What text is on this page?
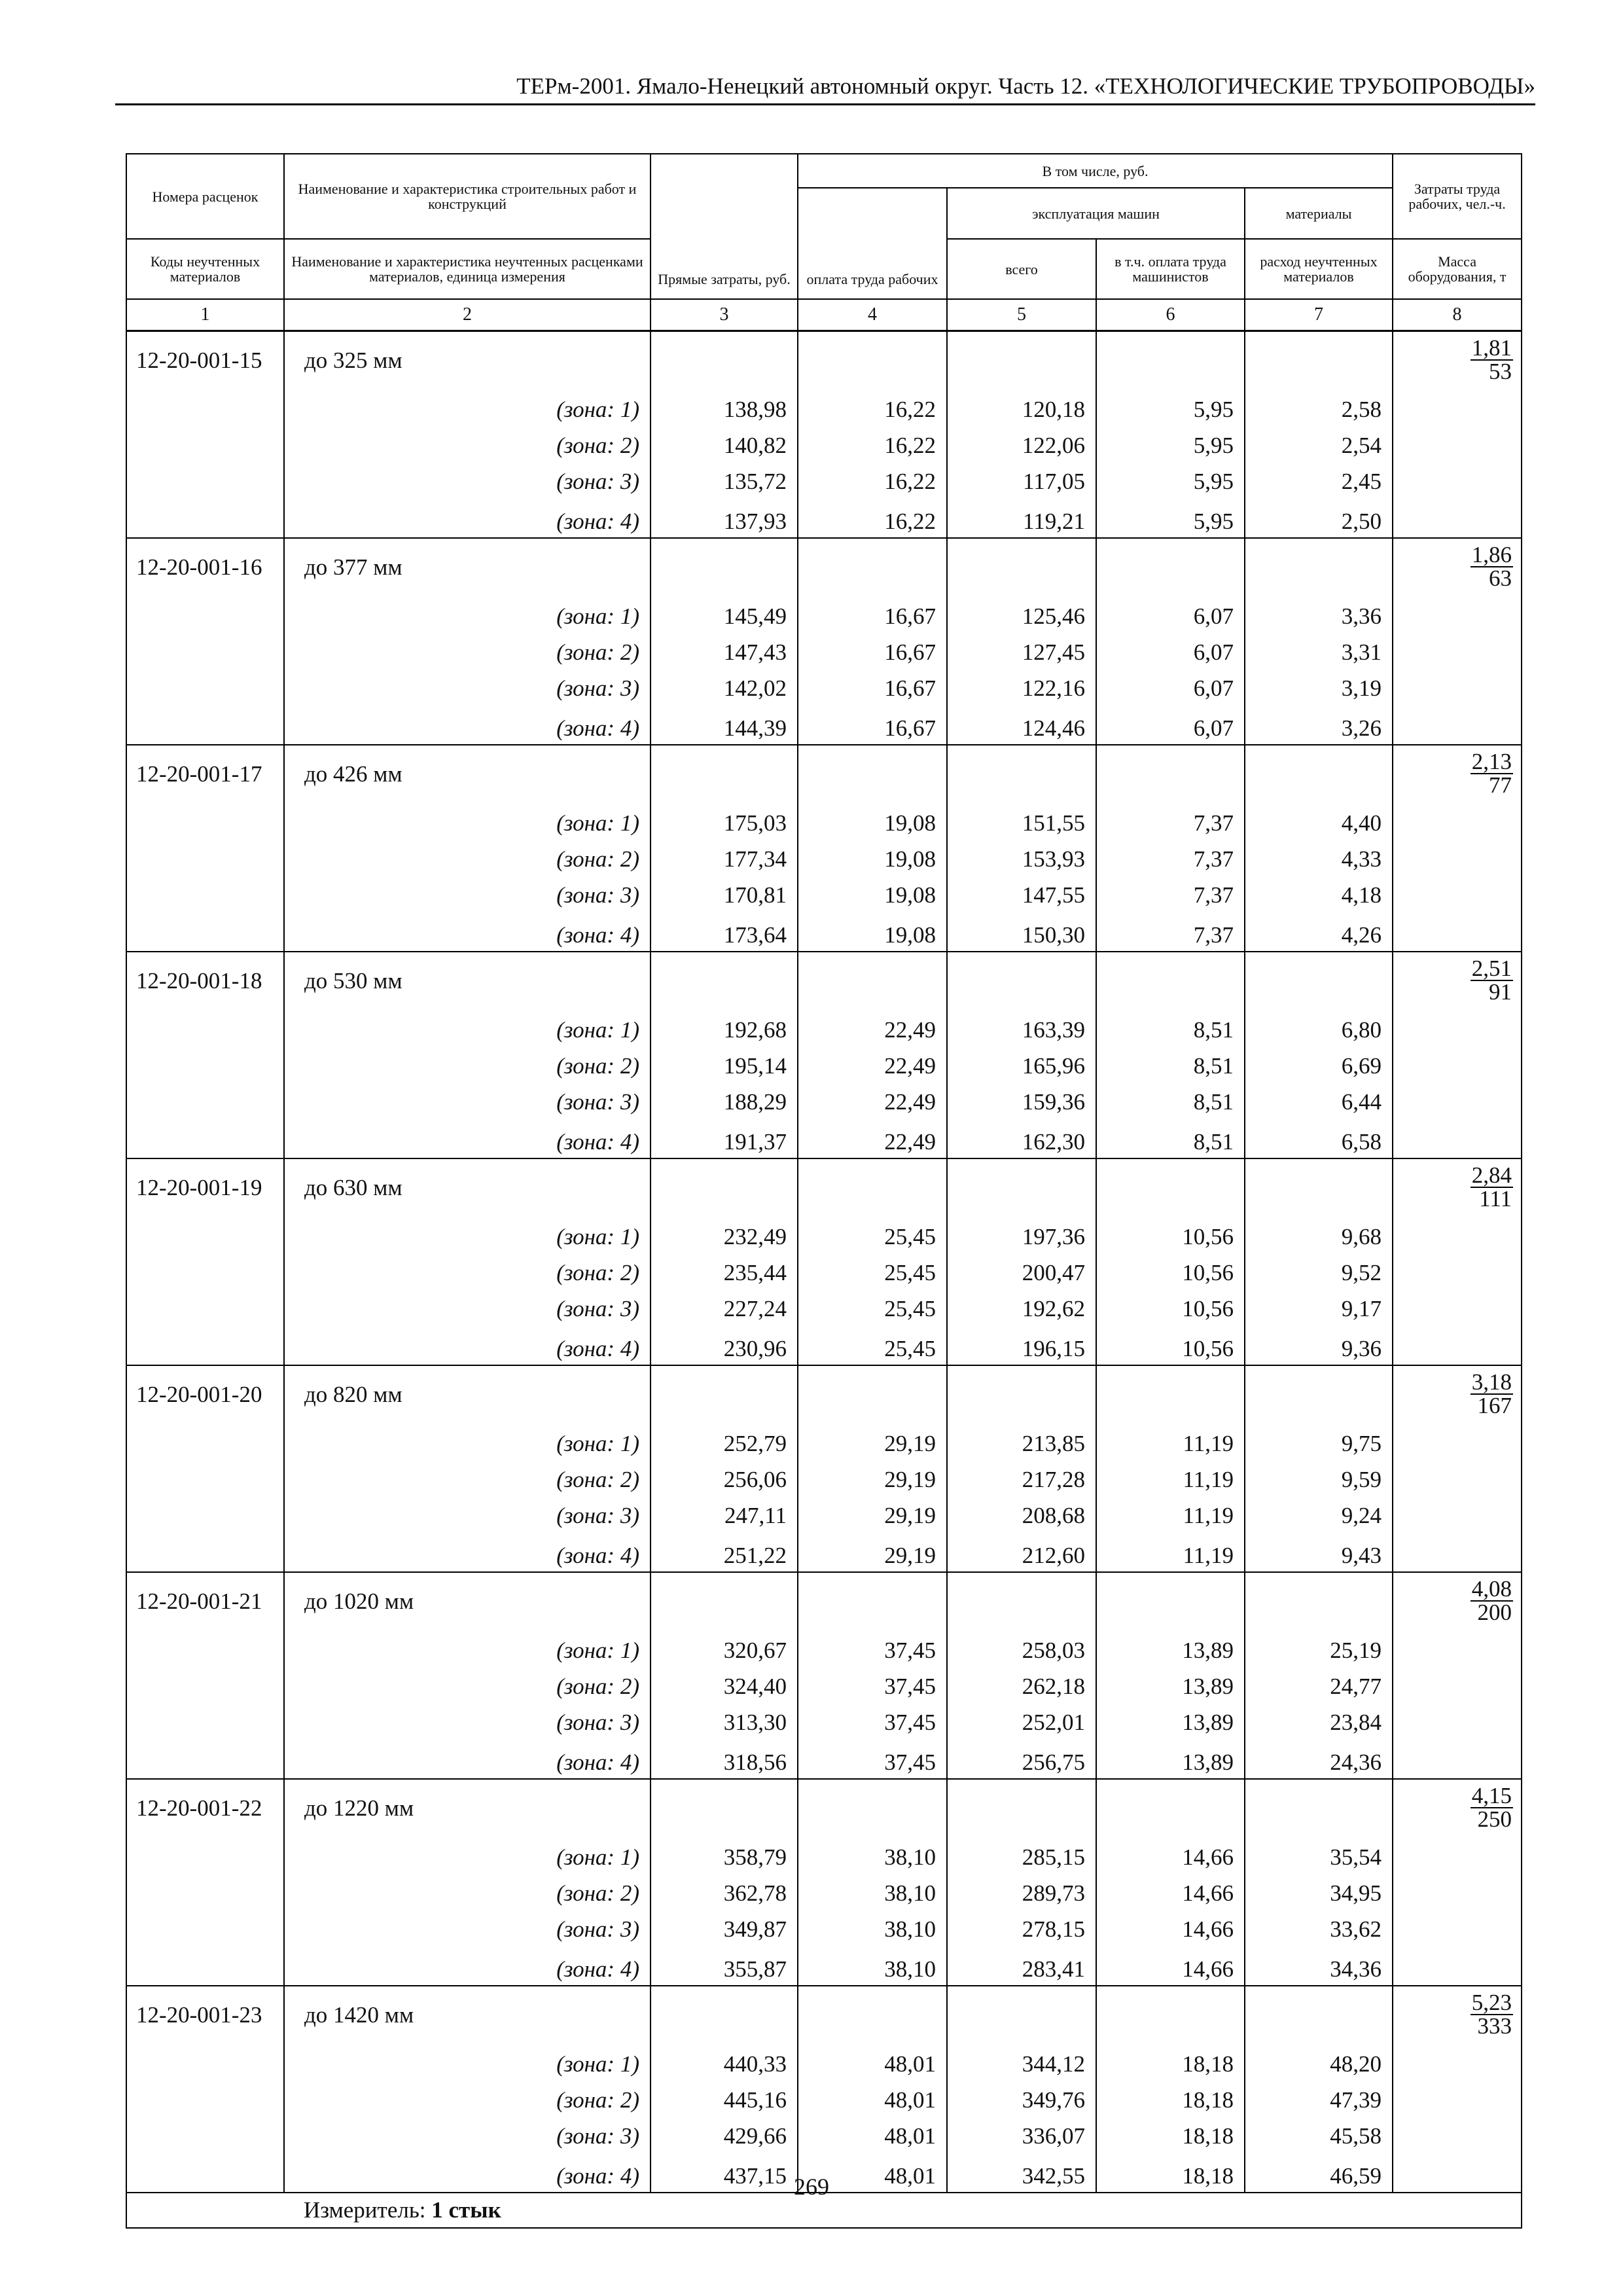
ТЕРм-2001. Ямало-Ненецкий автономный округ. Часть 12. «ТЕХНОЛОГИЧЕСКИЕ ТРУБОПРОВОДЫ»
Номера расценок	Наименование и характеристика строительных работ и конструкций	Прямые затраты, руб.	В том числе, руб.				Затраты труда рабочих, чел.-ч.
			оплата труда рабочих	эксплуатация машин		материалы	
Коды неучтенных материалов	Наименование и характеристика неучтенных расценками материалов, единица измерения			всего	в т.ч. оплата труда машинистов	расход неучтенных материалов	Масса оборудования, т
1	2	3	4	5	6	7	8
12-20-001-15	до 325 мм						$\frac{1,81}{53}$

	(зона: 1)	138,98	16,22	120,18	5,95	2,58	
	(зона: 2)	140,82	16,22	122,06	5,95	2,54	
	(зона: 3)	135,72	16,22	117,05	5,95	2,45	
	(зона: 4)	137,93	16,22	119,21	5,95	2,50	
12-20-001-16	до 377 мм						$\frac{1,86}{63}$

	(зона: 1)	145,49	16,67	125,46	6,07	3,36	
	(зона: 2)	147,43	16,67	127,45	6,07	3,31	
	(зона: 3)	142,02	16,67	122,16	6,07	3,19	
	(зона: 4)	144,39	16,67	124,46	6,07	3,26	
12-20-001-17	до 426 мм						$\frac{2,13}{77}$

	(зона: 1)	175,03	19,08	151,55	7,37	4,40	
	(зона: 2)	177,34	19,08	153,93	7,37	4,33	
	(зона: 3)	170,81	19,08	147,55	7,37	4,18	
	(зона: 4)	173,64	19,08	150,30	7,37	4,26	
12-20-001-18	до 530 мм						$\frac{2,51}{91}$

	(зона: 1)	192,68	22,49	163,39	8,51	6,80	
	(зона: 2)	195,14	22,49	165,96	8,51	6,69	
	(зона: 3)	188,29	22,49	159,36	8,51	6,44	
	(зона: 4)	191,37	22,49	162,30	8,51	6,58	
12-20-001-19	до 630 мм						$\frac{2,84}{111}$

	(зона: 1)	232,49	25,45	197,36	10,56	9,68	
	(зона: 2)	235,44	25,45	200,47	10,56	9,52	
	(зона: 3)	227,24	25,45	192,62	10,56	9,17	
	(зона: 4)	230,96	25,45	196,15	10,56	9,36	
12-20-001-20	до 820 мм						$\frac{3,18}{167}$

	(зона: 1)	252,79	29,19	213,85	11,19	9,75	
	(зона: 2)	256,06	29,19	217,28	11,19	9,59	
	(зона: 3)	247,11	29,19	208,68	11,19	9,24	
	(зона: 4)	251,22	29,19	212,60	11,19	9,43	
12-20-001-21	до 1020 мм						$\frac{4,08}{200}$

	(зона: 1)	320,67	37,45	258,03	13,89	25,19	
	(зона: 2)	324,40	37,45	262,18	13,89	24,77	
	(зона: 3)	313,30	37,45	252,01	13,89	23,84	
	(зона: 4)	318,56	37,45	256,75	13,89	24,36	
12-20-001-22	до 1220 мм						$\frac{4,15}{250}$

	(зона: 1)	358,79	38,10	285,15	14,66	35,54	
	(зона: 2)	362,78	38,10	289,73	14,66	34,95	
	(зона: 3)	349,87	38,10	278,15	14,66	33,62	
	(зона: 4)	355,87	38,10	283,41	14,66	34,36	
12-20-001-23	до 1420 мм						$\frac{5,23}{333}$

	(зона: 1)	440,33	48,01	344,12	18,18	48,20	
	(зона: 2)	445,16	48,01	349,76	18,18	47,39	
	(зона: 3)	429,66	48,01	336,07	18,18	45,58	
	(зона: 4)	437,15	48,01	342,55	18,18	46,59	
	Измеритель: 1 стык						
269
